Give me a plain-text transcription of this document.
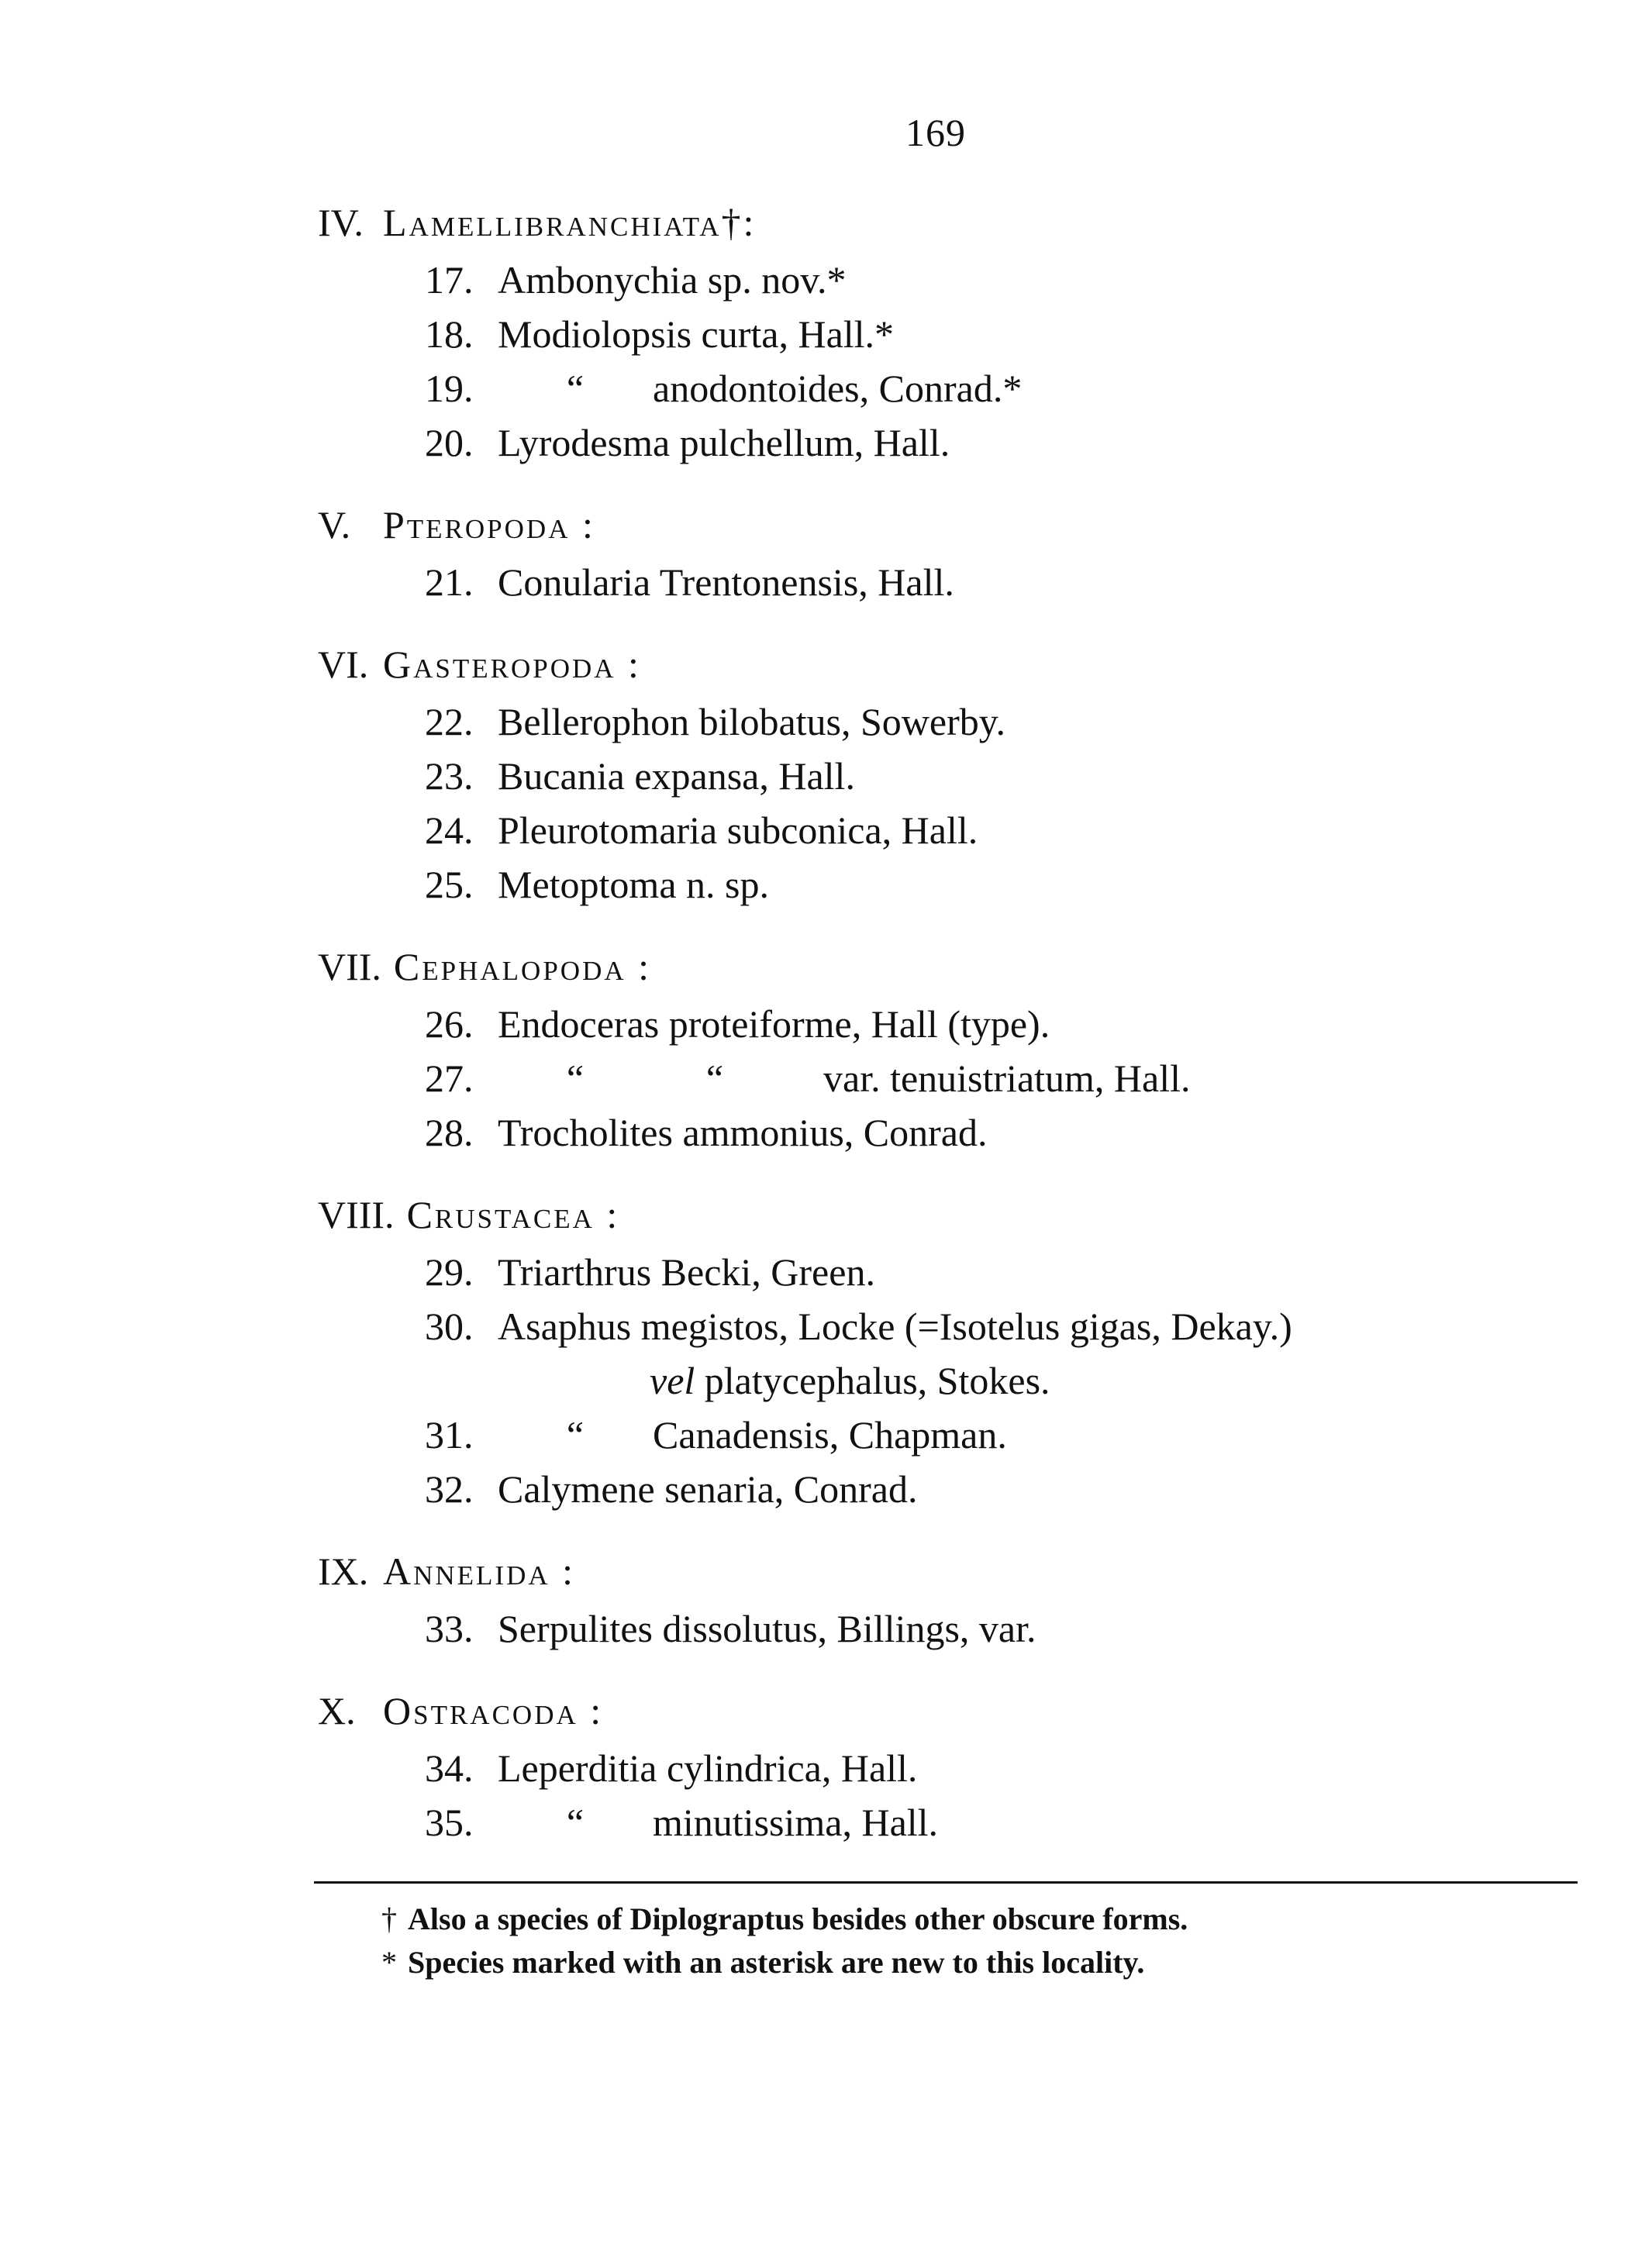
169
IV. Lamellibranchiata†:
17. Ambonychia sp. nov.*
18. Modiolopsis curta, Hall.*
19. “ anodontoides, Conrad.*
20. Lyrodesma pulchellum, Hall.
V. Pteropoda :
21. Conularia Trentonensis, Hall.
VI. Gasteropoda :
22. Bellerophon bilobatus, Sowerby.
23. Bucania expansa, Hall.
24. Pleurotomaria subconica, Hall.
25. Metoptoma n. sp.
VII. Cephalopoda :
26. Endoceras proteiforme, Hall (type).
27. “	“	var. tenuistriatum, Hall.
28. Trocholites ammonius, Conrad.
VIII. Crustacea :
29. Triarthrus Becki, Green.
30. Asaphus megistos, Locke (=Isotelus gigas, Dekay.)
vel platycephalus, Stokes.
31. “ Canadensis, Chapman.
32. Calymene senaria, Conrad.
IX. Annelida :
33. Serpulites dissolutus, Billings, var.
X. Ostracoda :
34. Leperditia cylindrica, Hall.
35. “ minutissima, Hall.
† Also a species of Diplograptus besides other obscure forms.
* Species marked with an asterisk are new to this locality.
